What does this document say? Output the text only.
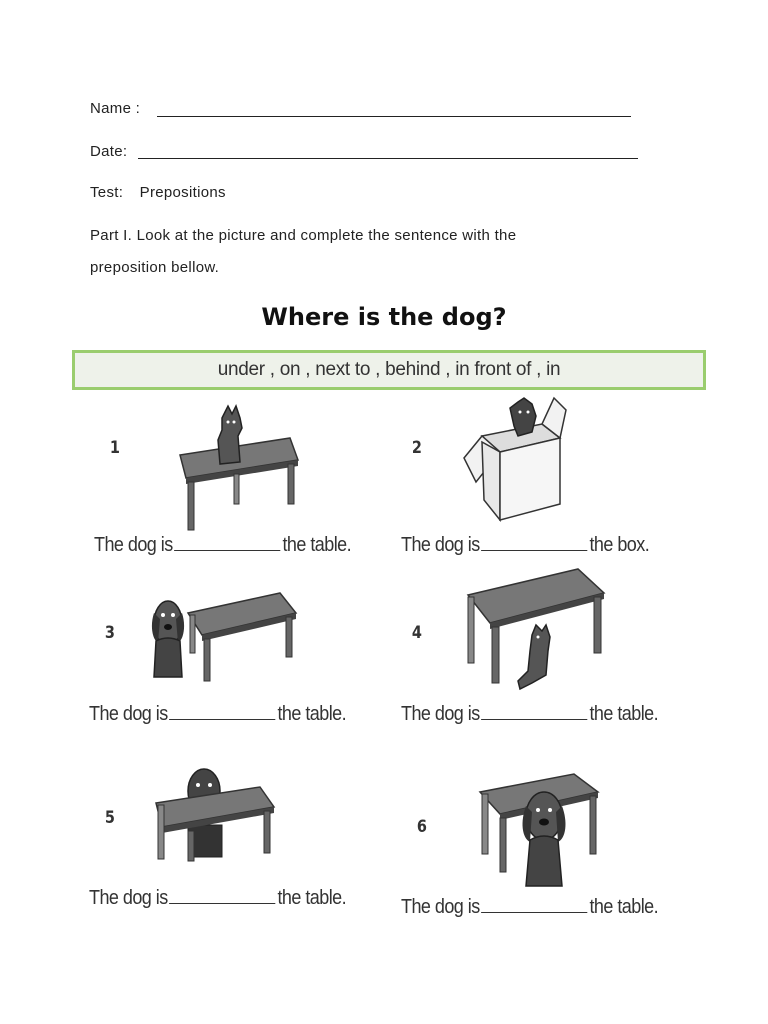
Name :
Date:
Test: Prepositions
Part I. Look at the picture and complete the sentence with the
preposition bellow.
Where is the dog?
under , on , next to , behind , in front of , in
1	2
3	4
5	6
The dog is	the table. The dog is	the box.
The dog is	the table.	The dog is	the table.
The dog is	the table.	The dog is	the table.
